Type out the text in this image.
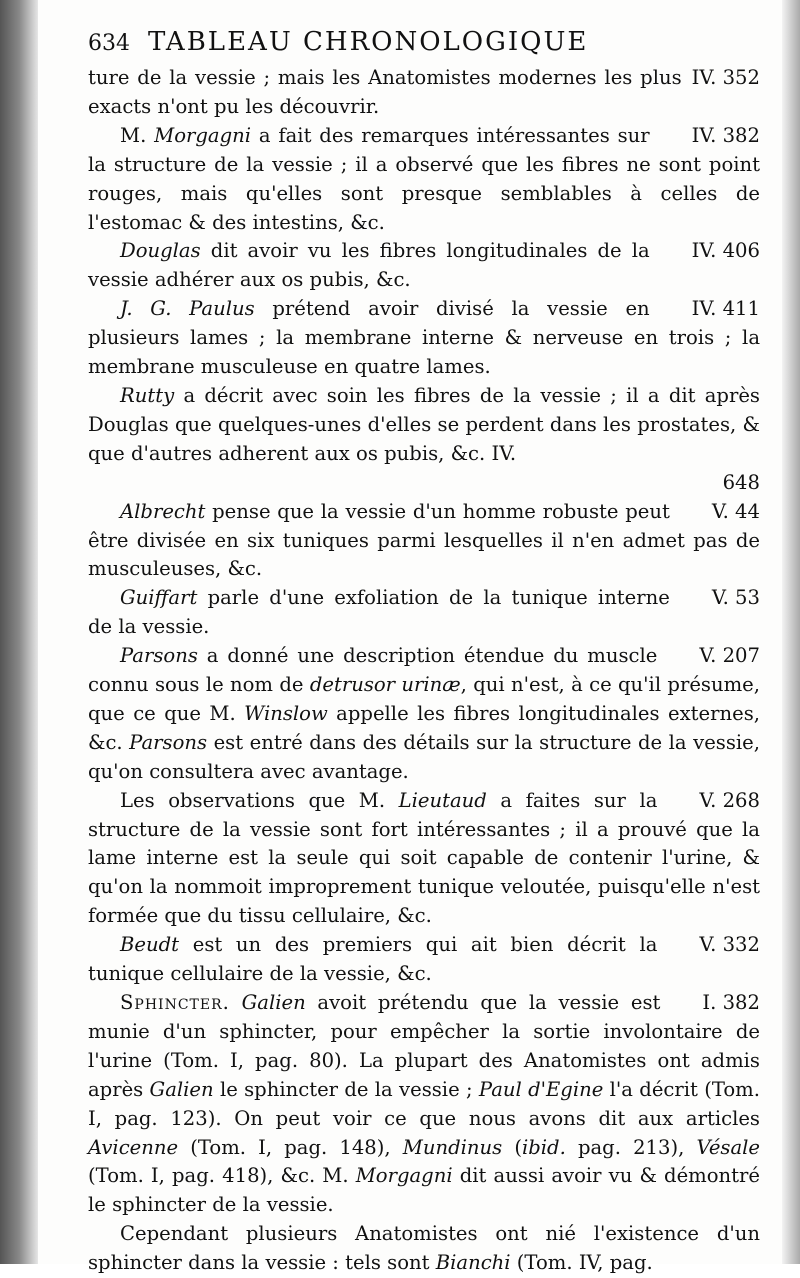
634 TABLEAU CHRONOLOGIQUE

IV. 352
ture de la vessie ; mais les Anatomistes modernes les plus exacts n'ont pu les découvrir.

IV. 382
M. Morgagni a fait des remarques intéressantes sur la structure de la vessie ; il a observé que les fibres ne sont point rouges, mais qu'elles sont presque semblables à celles de l'estomac & des intestins, &c.

IV. 406
Douglas dit avoir vu les fibres longitudinales de la vessie adhérer aux os pubis, &c.

IV. 411
J. G. Paulus prétend avoir divisé la vessie en plusieurs lames ; la membrane interne & nerveuse en trois ; la membrane musculeuse en quatre lames.

Rutty a décrit avec soin les fibres de la vessie ; il a dit après Douglas que quelques-unes d'elles se perdent dans les prostates, & que d'autres adherent aux os pubis, &c. IV.

648

V. 44
Albrecht pense que la vessie d'un homme robuste peut être divisée en six tuniques parmi lesquelles il n'en admet pas de musculeuses, &c.

V. 53
Guiffart parle d'une exfoliation de la tunique interne de la vessie.

V. 207
Parsons a donné une description étendue du muscle connu sous le nom de detrusor urinæ, qui n'est, à ce qu'il présume, que ce que M. Winslow appelle les fibres longitudinales externes, &c. Parsons est entré dans des détails sur la structure de la vessie, qu'on consultera avec avantage.

V. 268
Les observations que M. Lieutaud a faites sur la structure de la vessie sont fort intéressantes ; il a prouvé que la lame interne est la seule qui soit capable de contenir l'urine, & qu'on la nommoit improprement tunique veloutée, puisqu'elle n'est formée que du tissu cellulaire, &c.

V. 332
Beudt est un des premiers qui ait bien décrit la tunique cellulaire de la vessie, &c.

I. 382
Sphincter. Galien avoit prétendu que la vessie est munie d'un sphincter, pour empêcher la sortie involontaire de l'urine (Tom. I, pag. 80). La plupart des Anatomistes ont admis après Galien le sphincter de la vessie ; Paul d'Egine l'a décrit (Tom. I, pag. 123). On peut voir ce que nous avons dit aux articles Avicenne (Tom. I, pag. 148), Mundinus (ibid. pag. 213), Vésale (Tom. I, pag. 418), &c. M. Morgagni dit aussi avoir vu & démontré le sphincter de la vessie.

Cependant plusieurs Anatomistes ont nié l'existence d'un sphincter dans la vessie : tels sont Bianchi (Tom. IV, pag.
